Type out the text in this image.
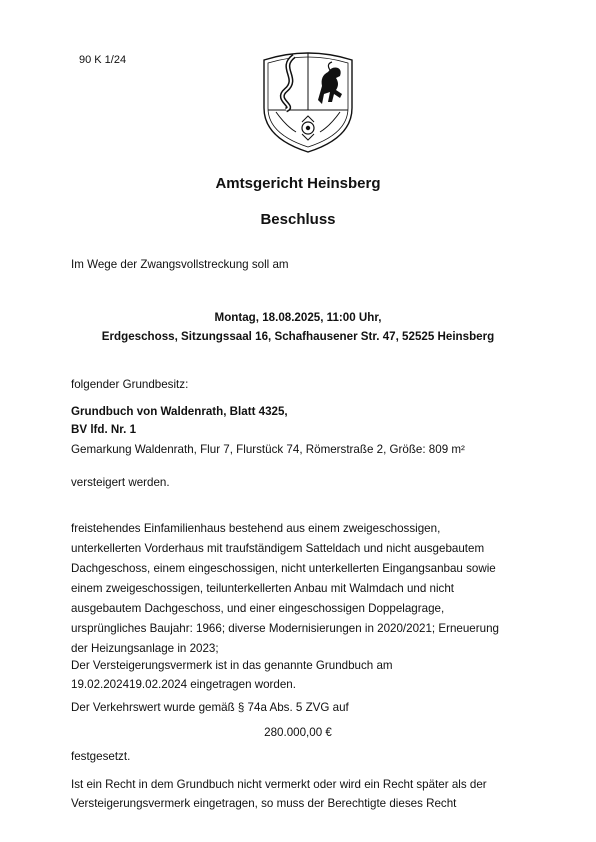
90 K 1/24
Amtsgericht Heinsberg
Beschluss
Im Wege der Zwangsvollstreckung soll am
Montag, 18.08.2025, 11:00 Uhr,
Erdgeschoss, Sitzungssaal 16, Schafhausener Str. 47, 52525 Heinsberg
folgender Grundbesitz:
Grundbuch von Waldenrath, Blatt 4325,
BV lfd. Nr. 1
Gemarkung Waldenrath, Flur 7, Flurstück 74, Römerstraße 2, Größe: 809 m²
versteigert werden.
freistehendes Einfamilienhaus bestehend aus einem zweigeschossigen,
unterkellerten Vorderhaus mit traufständigem Satteldach und nicht ausgebautem
Dachgeschoss, einem eingeschossigen, nicht unterkellerten Eingangsanbau sowie
einem zweigeschossigen, teilunterkellerten Anbau mit Walmdach und nicht
ausgebautem Dachgeschoss, und einer eingeschossigen Doppelagrage,
ursprüngliches Baujahr: 1966; diverse Modernisierungen in 2020/2021; Erneuerung
der Heizungsanlage in 2023;
Der Versteigerungsvermerk ist in das genannte Grundbuch am
19.02.202419.02.2024 eingetragen worden.
Der Verkehrswert wurde gemäß § 74a Abs. 5 ZVG auf
280.000,00 €
festgesetzt.
Ist ein Recht in dem Grundbuch nicht vermerkt oder wird ein Recht später als der
Versteigerungsvermerk eingetragen, so muss der Berechtigte dieses Recht
